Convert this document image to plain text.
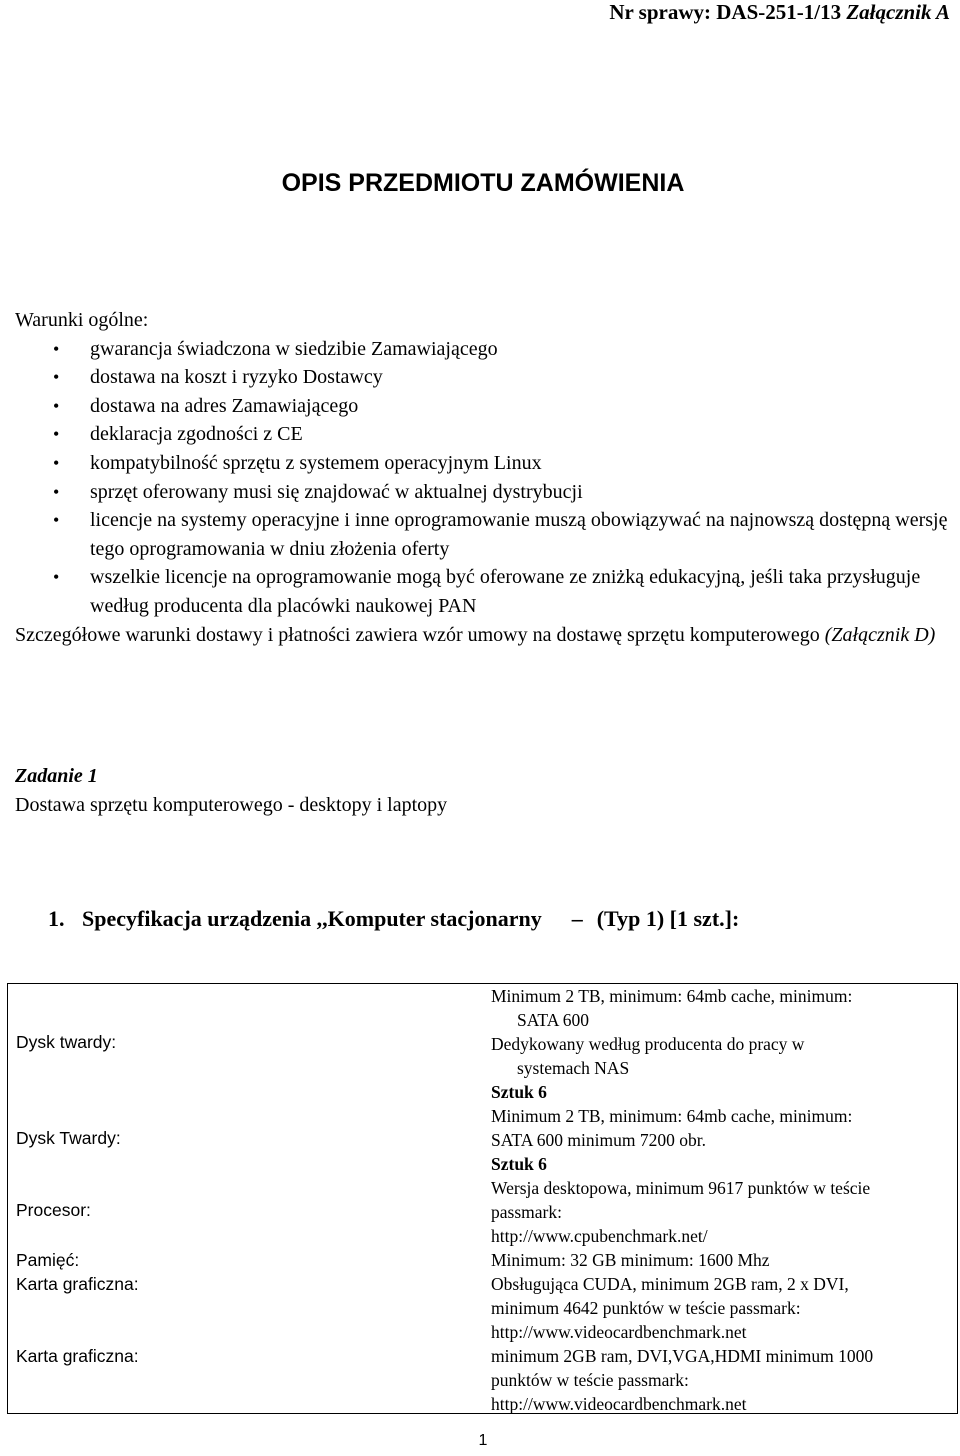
Nr sprawy: DAS-251-1/13 Załącznik A
OPIS PRZEDMIOTU ZAMÓWIENIA
Warunki ogólne:
• gwarancja świadczona w siedzibie Zamawiającego
• dostawa na koszt i ryzyko Dostawcy
• dostawa na adres Zamawiającego
• deklaracja zgodności z CE
• kompatybilność sprzętu z systemem operacyjnym Linux
• sprzęt oferowany musi się znajdować w aktualnej dystrybucji
• licencje na systemy operacyjne i inne oprogramowanie muszą obowiązywać na najnowszą dostępną wersję tego oprogramowania w dniu złożenia oferty
• wszelkie licencje na oprogramowanie mogą być oferowane ze zniżką edukacyjną, jeśli taka przysługuje według producenta dla placówki naukowej PAN
Szczegółowe warunki dostawy i płatności zawiera wzór umowy na dostawę sprzętu komputerowego (Załącznik D)
Zadanie 1
Dostawa sprzętu komputerowego - desktopy i laptopy
1. Specyfikacja urządzenia ,,Komputer stacjonarny – (Typ 1) [1 szt.]:
Dysk twardy:
Minimum 2 TB, minimum: 64mb cache, minimum:
SATA 600
Dedykowany według producenta do pracy w
systemach NAS
Sztuk 6
Dysk Twardy:
Minimum 2 TB, minimum: 64mb cache, minimum:
SATA 600 minimum 7200 obr.
Sztuk 6
Procesor:
Wersja desktopowa, minimum 9617 punktów w teście
passmark:
http://www.cpubenchmark.net/
Pamięć:	Minimum: 32 GB minimum: 1600 Mhz
Karta graficzna:	Obsługująca CUDA, minimum 2GB ram, 2 x DVI,
minimum 4642 punktów w teście passmark:
http://www.videocardbenchmark.net
Karta graficzna:	minimum 2GB ram, DVI,VGA,HDMI minimum 1000
punktów w teście passmark:
http://www.videocardbenchmark.net
1
